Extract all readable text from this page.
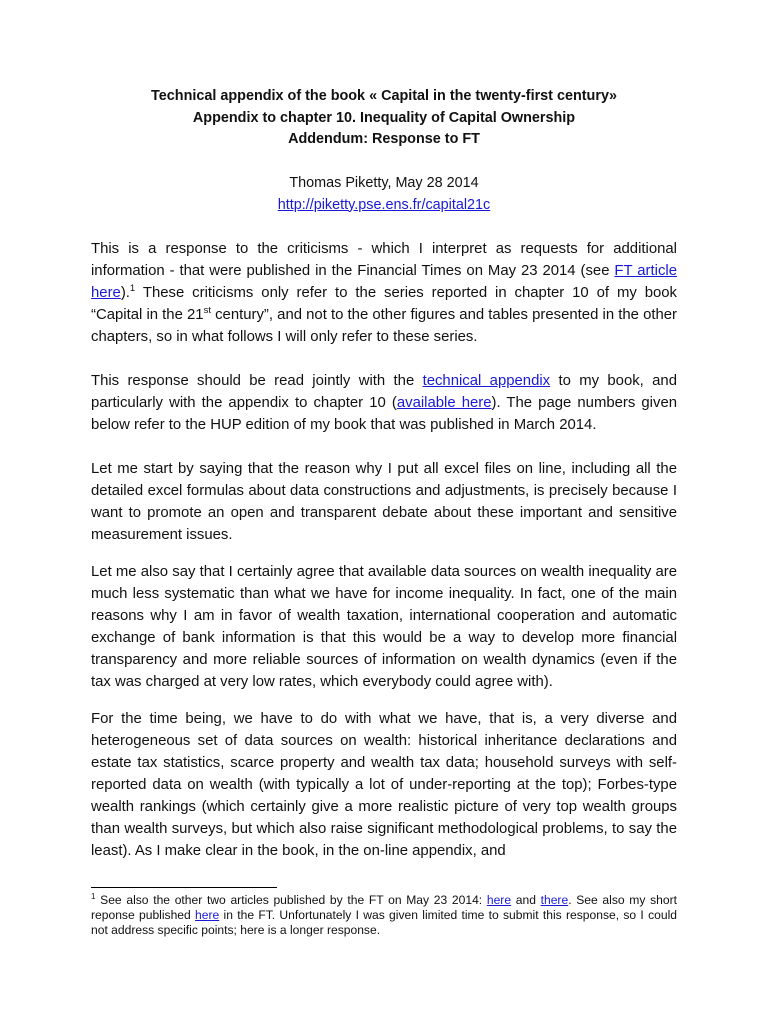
Technical appendix of the book « Capital in the twenty-first century»

Appendix to chapter 10. Inequality of Capital Ownership

Addendum: Response to FT

Thomas Piketty, May 28 2014
http://piketty.pse.ens.fr/capital21c

This is a response to the criticisms - which I interpret as requests for additional information - that were published in the Financial Times on May 23 2014 (see FT article here).$^1$ These criticisms only refer to the series reported in chapter 10 of my book “Capital in the 21st century”, and not to the other figures and tables presented in the other chapters, so in what follows I will only refer to these series.

This response should be read jointly with the technical appendix to my book, and particularly with the appendix to chapter 10 (available here). The page numbers given below refer to the HUP edition of my book that was published in March 2014.

Let me start by saying that the reason why I put all excel files on line, including all the detailed excel formulas about data constructions and adjustments, is precisely because I want to promote an open and transparent debate about these important and sensitive measurement issues.

Let me also say that I certainly agree that available data sources on wealth inequality are much less systematic than what we have for income inequality. In fact, one of the main reasons why I am in favor of wealth taxation, international cooperation and automatic exchange of bank information is that this would be a way to develop more financial transparency and more reliable sources of information on wealth dynamics (even if the tax was charged at very low rates, which everybody could agree with).

For the time being, we have to do with what we have, that is, a very diverse and heterogeneous set of data sources on wealth: historical inheritance declarations and estate tax statistics, scarce property and wealth tax data; household surveys with self-reported data on wealth (with typically a lot of under-reporting at the top); Forbes-type wealth rankings (which certainly give a more realistic picture of very top wealth groups than wealth surveys, but which also raise significant methodological problems, to say the least). As I make clear in the book, in the on-line appendix, and

$^1$ See also the other two articles published by the FT on May 23 2014: here and there. See also my short reponse published here in the FT. Unfortunately I was given limited time to submit this response, so I could not address specific points; here is a longer response.
